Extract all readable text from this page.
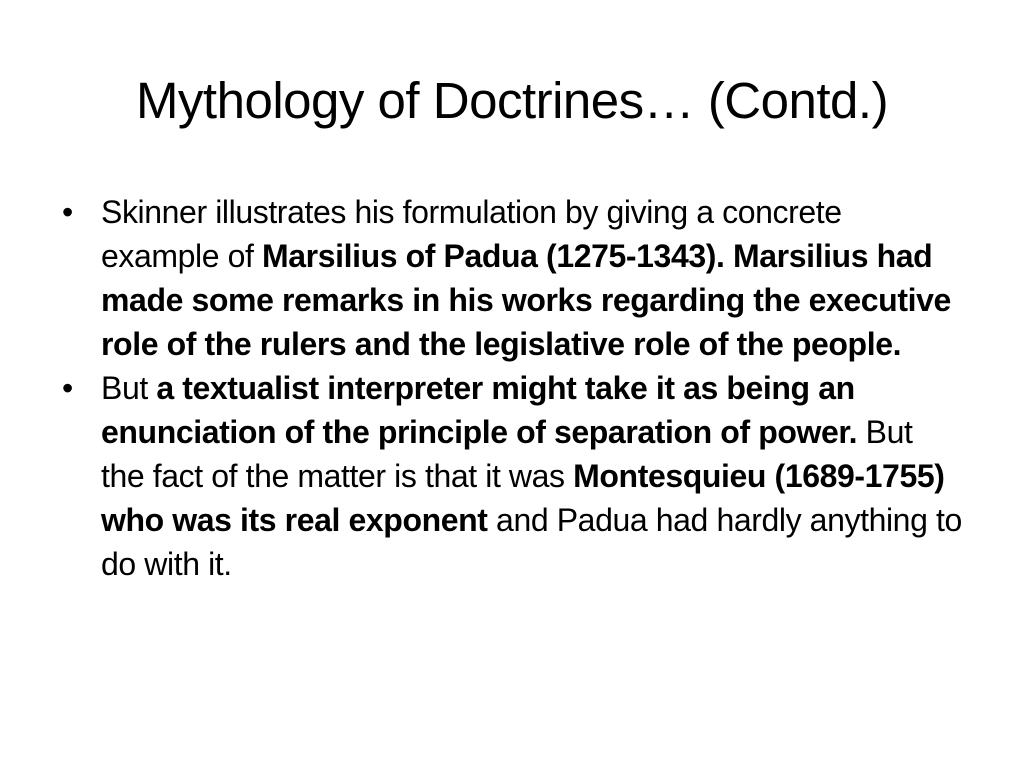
Mythology of Doctrines… (Contd.)
• Skinner illustrates his formulation by giving a concrete example of Marsilius of Padua (1275-1343). Marsilius had made some remarks in his works regarding the executive role of the rulers and the legislative role of the people.
• But a textualist interpreter might take it as being an enunciation of the principle of separation of power. But the fact of the matter is that it was Montesquieu (1689-1755) who was its real exponent and Padua had hardly anything to do with it.
